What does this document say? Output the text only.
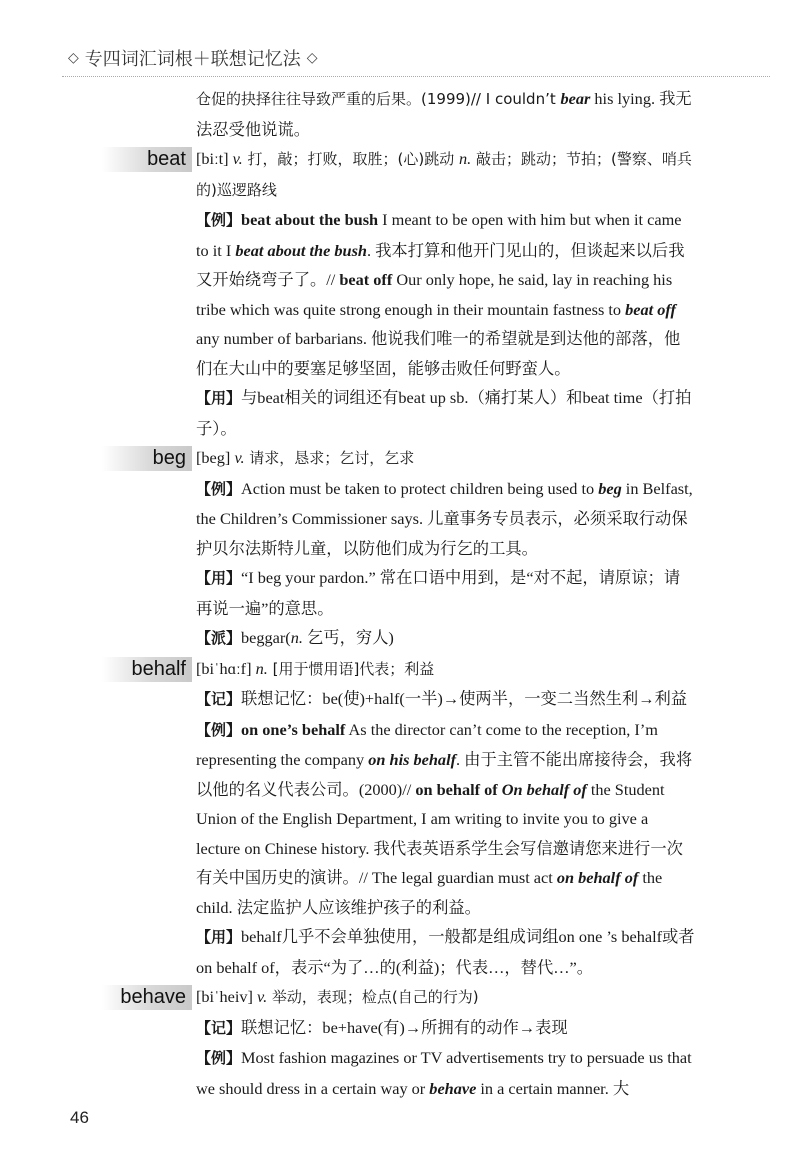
◇ 专四词汇词根＋联想记忆法 ◇

仓促的抉择往往导致严重的后果。(1999)// I couldn’t bear his lying. 我无法忍受他说谎。

beat [biːt] v. 打，敲；打败，取胜；(心)跳动 n. 敲击；跳动；节拍；(警察、哨兵的)巡逻路线

【例】beat about the bush I meant to be open with him but when it came to it I beat about the bush. 我本打算和他开门见山的，但谈起来以后我又开始绕弯子了。// beat off Our only hope, he said, lay in reaching his tribe which was quite strong enough in their mountain fastness to beat off any number of barbarians. 他说我们唯一的希望就是到达他的部落，他们在大山中的要塞足够坚固，能够击败任何野蛮人。

【用】与beat相关的词组还有beat up sb.（痛打某人）和beat time（打拍子）。

beg [beg] v. 请求，恳求；乞讨，乞求

【例】Action must be taken to protect children being used to beg in Belfast, the Children’s Commissioner says. 儿童事务专员表示，必须采取行动保护贝尔法斯特儿童，以防他们成为行乞的工具。

【用】“I beg your pardon.” 常在口语中用到，是“对不起，请原谅；请再说一遍”的意思。

【派】beggar(n. 乞丐，穷人)

behalf [biˈhɑːf] n. [用于惯用语]代表；利益

【记】联想记忆：be(使)+half(一半)→使两半，一变二当然生利→利益

【例】on one’s behalf As the director can’t come to the reception, I’m representing the company on his behalf. 由于主管不能出席接待会，我将以他的名义代表公司。(2000)// on behalf of On behalf of the Student Union of the English Department, I am writing to invite you to give a lecture on Chinese history. 我代表英语系学生会写信邀请您来进行一次有关中国历史的演讲。// The legal guardian must act on behalf of the child. 法定监护人应该维护孩子的利益。

【用】behalf几乎不会单独使用，一般都是组成词组on one ’s behalf或者on behalf of，表示“为了…的(利益)；代表…，替代…”。

behave [biˈheiv] v. 举动，表现；检点(自己的行为)

【记】联想记忆：be+have(有)→所拥有的动作→表现

【例】Most fashion magazines or TV advertisements try to persuade us that we should dress in a certain way or behave in a certain manner. 大

46
